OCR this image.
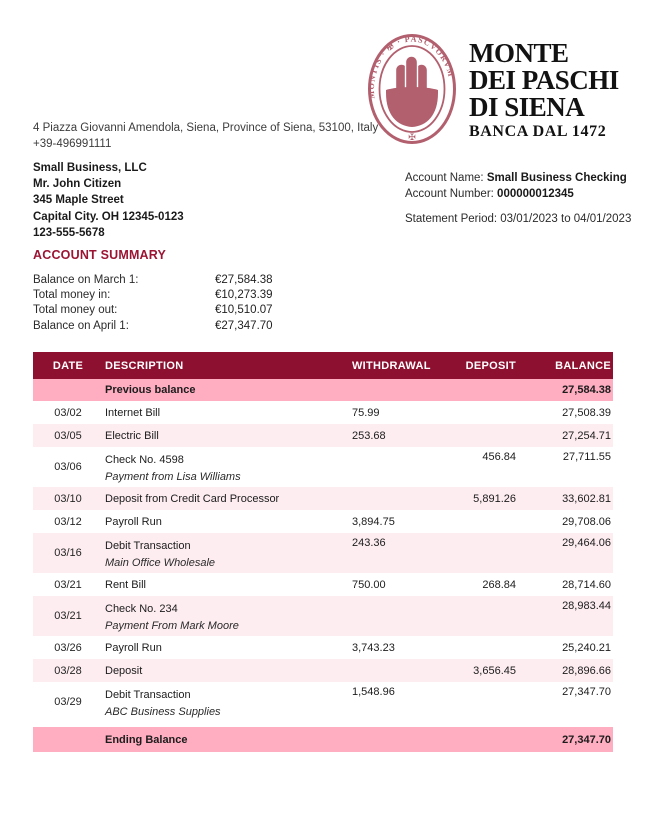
MONTIS · ✠ · PASCVORVM
✠
MONTE
DEI PASCHI
DI SIENA
BANCA DAL 1472
4 Piazza Giovanni Amendola, Siena, Province of Siena, 53100, Italy
+39-496991111
Small Business, LLC
Mr. John Citizen
345 Maple Street
Capital City. OH 12345-0123
123-555-5678
Account Name: Small Business Checking
Account Number: 000000012345
Statement Period: 03/01/2023 to 04/01/2023
ACCOUNT SUMMARY
Balance on March 1:	€27,584.38
Total money in:	€10,273.39
Total money out:	€10,510.07
Balance on April 1:	€27,347.70
DATE	DESCRIPTION	WITHDRAWAL	DEPOSIT	BALANCE
	Previous balance			27,584.38
03/02	Internet Bill	75.99		27,508.39
03/05	Electric Bill	253.68		27,254.71
03/06	Check No. 4598
Payment from Lisa Williams		456.84	27,711.55
03/10	Deposit from Credit Card Processor		5,891.26	33,602.81
03/12	Payroll Run	3,894.75		29,708.06
03/16	Debit Transaction
Main Office Wholesale	243.36		29,464.06
03/21	Rent Bill	750.00	268.84	28,714.60
03/21	Check No. 234
Payment From Mark Moore			28,983.44
03/26	Payroll Run	3,743.23		25,240.21
03/28	Deposit		3,656.45	28,896.66
03/29	Debit Transaction
ABC Business Supplies	1,548.96		27,347.70

	Ending Balance			27,347.70
